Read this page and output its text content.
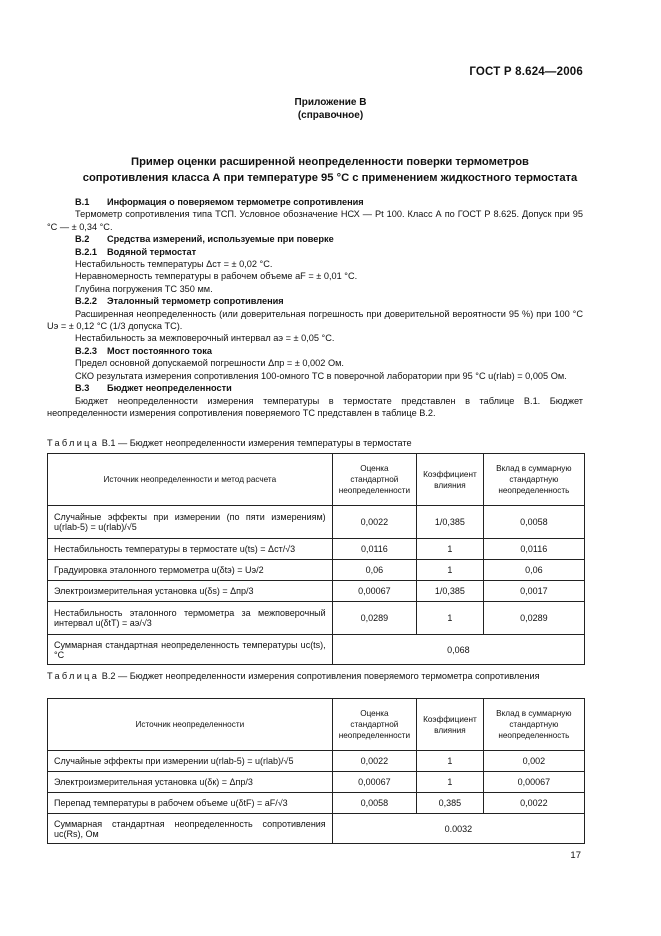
ГОСТ Р 8.624—2006
Приложение В
(справочное)
Пример оценки расширенной неопределенности поверки термометров
сопротивления класса А при температуре 95 °С с применением жидкостного термостата

В.1 Информация о поверяемом термометре сопротивления

Термометр сопротивления типа ТСП. Условное обозначение НСХ — Pt 100. Класс А по ГОСТ Р 8.625. Допуск при 95 °С — ± 0,34 °С.

В.2 Средства измерений, используемые при поверке

В.2.1 Водяной термостат

Нестабильность температуры Δст = ± 0,02 °С.

Неравномерность температуры в рабочем объеме aF = ± 0,01 °С.

Глубина погружения ТС 350 мм.

В.2.2 Эталонный термометр сопротивления

Расширенная неопределенность (или доверительная погрешность при доверительной вероятности 95 %) при 100 °С Uэ = ± 0,12 °С (1/3 допуска ТС).

Нестабильность за межповерочный интервал aэ = ± 0,05 °С.

В.2.3 Мост постоянного тока

Предел основной допускаемой погрешности Δпр = ± 0,002 Ом.

СКО результата измерения сопротивления 100-омного ТС в поверочной лаборатории при 95 °С u(rlab) = 0,005 Ом.

В.3 Бюджет неопределенности

Бюджет неопределенности измерения температуры в термостате представлен в таблице В.1. Бюджет неопределенности измерения сопротивления поверяемого ТС представлен в таблице В.2.

Таблица В.1 — Бюджет неопределенности измерения температуры в термостате
Источник неопределенности и метод расчета	Оценка стандартной неопределенности	Коэффициент влияния	Вклад в суммарную стандартную неопределенность
Случайные эффекты при измерении (по пяти измерениям) u(rlab-5) = u(rlab)/√5	0,0022	1/0,385	0,0058
Нестабильность температуры в термостате u(ts) = Δст/√3	0,0116	1	0,0116
Градуировка эталонного термометра u(δtэ) = Uэ/2	0,06	1	0,06
Электроизмерительная установка u(δs) = Δпр/3	0,00067	1/0,385	0,0017
Нестабильность эталонного термометра за межповерочный интервал u(δtT) = aэ/√3	0,0289	1	0,0289
Суммарная стандартная неопределенность температуры uc(ts), °С	0,068		
Таблица В.2 — Бюджет неопределенности измерения сопротивления поверяемого термометра сопротивления
Источник неопределенности	Оценка стандартной неопределенности	Коэффициент влияния	Вклад в суммарную стандартную неопределенность
Случайные эффекты при измерении u(rlab-5) = u(rlab)/√5	0,0022	1	0,002
Электроизмерительная установка u(δк) = Δпр/3	0,00067	1	0,00067
Перепад температуры в рабочем объеме u(δtF) = aF/√3	0,0058	0,385	0,0022
Суммарная стандартная неопределенность сопротивления uc(Rs), Ом	0.0032		
17
